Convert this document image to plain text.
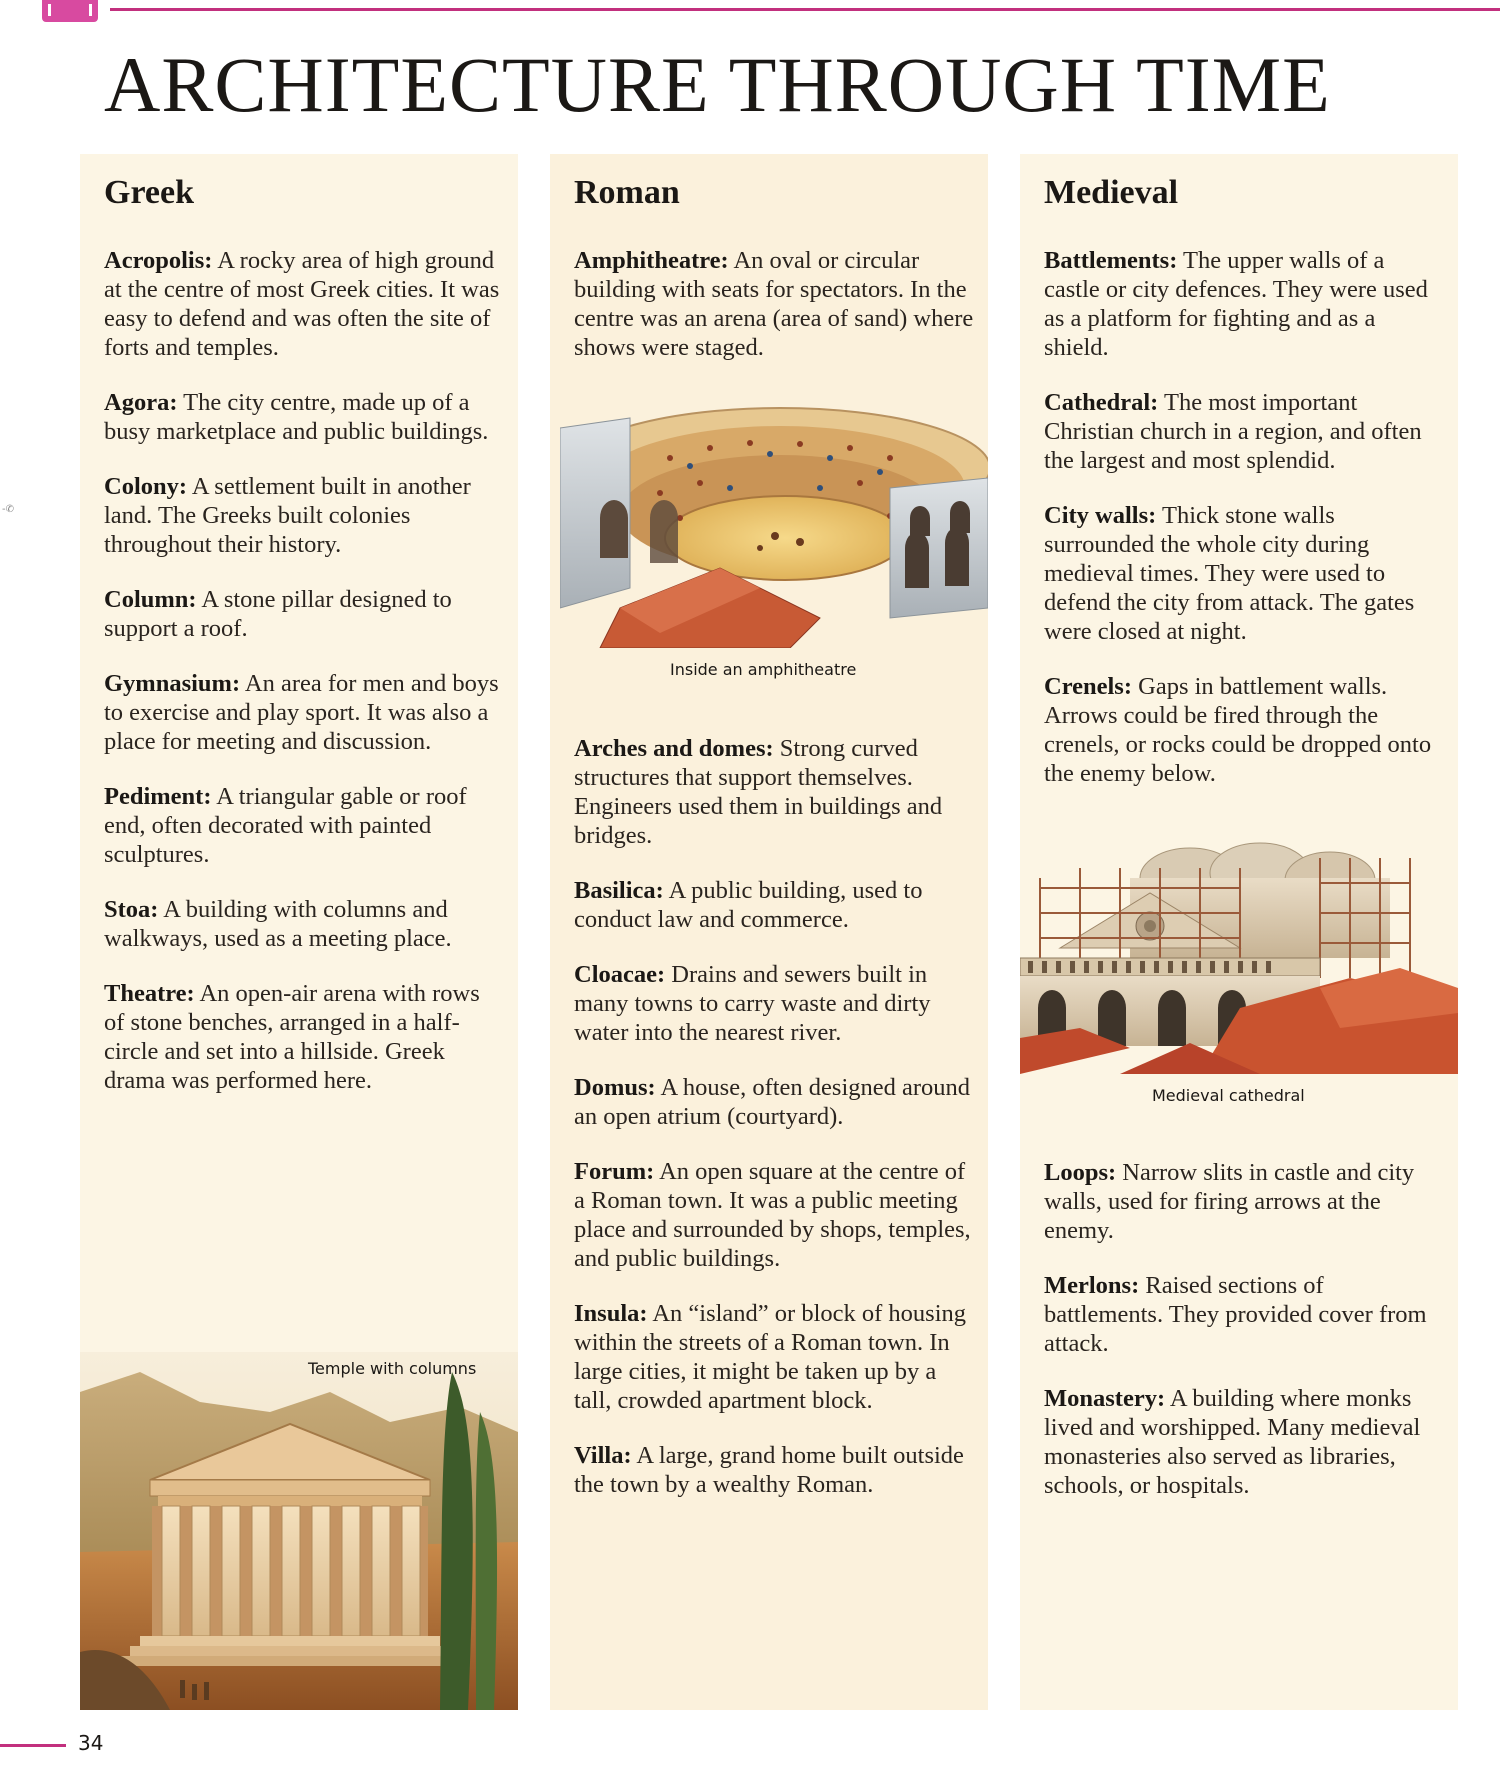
ARCHITECTURE THROUGH TIME
-✆
Greek

Acropolis: A rocky area of high ground at the centre of most Greek cities. It was easy to defend and was often the site of forts and temples.

Agora: The city centre, made up of a busy marketplace and public buildings.

Colony: A settlement built in another land. The Greeks built colonies throughout their history.

Column: A stone pillar designed to support a roof.

Gymnasium: An area for men and boys to exercise and play sport. It was also a place for meeting and discussion.

Pediment: A triangular gable or roof end, often decorated with painted sculptures.

Stoa: A building with columns and walkways, used as a meeting place.

Theatre: An open-air arena with rows of stone benches, arranged in a half-circle and set into a hillside. Greek drama was performed here.

Temple with columns
Roman

Amphitheatre: An oval or circular building with seats for spectators. In the centre was an arena (area of sand) where shows were staged.

Inside an amphitheatre

Arches and domes: Strong curved structures that support themselves. Engineers used them in buildings and bridges.

Basilica: A public building, used to conduct law and commerce.

Cloacae: Drains and sewers built in many towns to carry waste and dirty water into the nearest river.

Domus: A house, often designed around an open atrium (courtyard).

Forum: An open square at the centre of a Roman town. It was a public meeting place and surrounded by shops, temples, and public buildings.

Insula: An “island” or block of housing within the streets of a Roman town. In large cities, it might be taken up by a tall, crowded apartment block.

Villa: A large, grand home built outside the town by a wealthy Roman.

Medieval

Battlements: The upper walls of a castle or city defences. They were used as a platform for fighting and as a shield.

Cathedral: The most important Christian church in a region, and often the largest and most splendid.

City walls: Thick stone walls surrounded the whole city during medieval times. They were used to defend the city from attack. The gates were closed at night.

Crenels: Gaps in battlement walls. Arrows could be fired through the crenels, or rocks could be dropped onto the enemy below.

Medieval cathedral

Loops: Narrow slits in castle and city walls, used for firing arrows at the enemy.

Merlons: Raised sections of battlements. They provided cover from attack.

Monastery: A building where monks lived and worshipped. Many medieval monasteries also served as libraries, schools, or hospitals.

34
